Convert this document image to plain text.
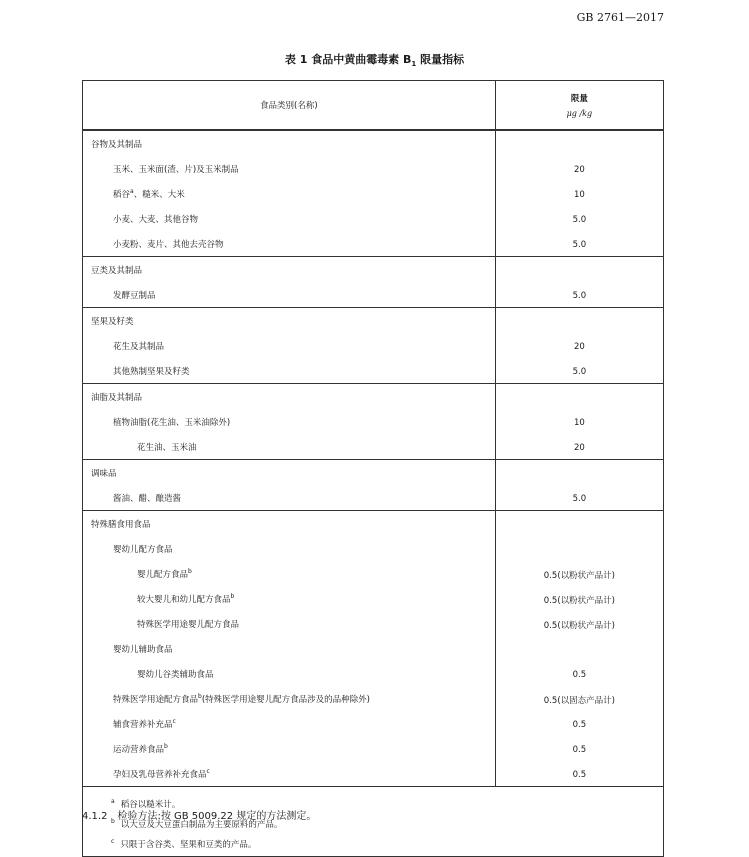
GB 2761—2017
表 1 食品中黄曲霉毒素 $B_1$ 限量指标
食品类别(名称)	限量
μg /kg

谷物及其制品	
玉米、玉米面(渣、片)及玉米制品	20
稻谷$^a$、糙米、大米	10
小麦、大麦、其他谷物	5.0
小麦粉、麦片、其他去壳谷物	5.0
豆类及其制品	
发酵豆制品	5.0
坚果及籽类	
花生及其制品	20
其他熟制坚果及籽类	5.0
油脂及其制品	
植物油脂(花生油、玉米油除外)	10
花生油、玉米油	20
调味品	
酱油、醋、酿造酱	5.0
特殊膳食用食品	
婴幼儿配方食品	
婴儿配方食品$^b$	0.5(以粉状产品计)
较大婴儿和幼儿配方食品$^b$	0.5(以粉状产品计)
特殊医学用途婴儿配方食品	0.5(以粉状产品计)
婴幼儿辅助食品	
婴幼儿谷类辅助食品	0.5
特殊医学用途配方食品$^b$(特殊医学用途婴儿配方食品涉及的品种除外)	0.5(以固态产品计)
辅食营养补充品$^c$	0.5
运动营养食品$^b$	0.5
孕妇及乳母营养补充食品$^c$	0.5

$^a$ 稻谷以糙米计。
$^b$ 以大豆及大豆蛋白制品为主要原料的产品。
$^c$ 只限于含谷类、坚果和豆类的产品。	
4.1.2 检验方法:按 GB 5009.22 规定的方法测定。
